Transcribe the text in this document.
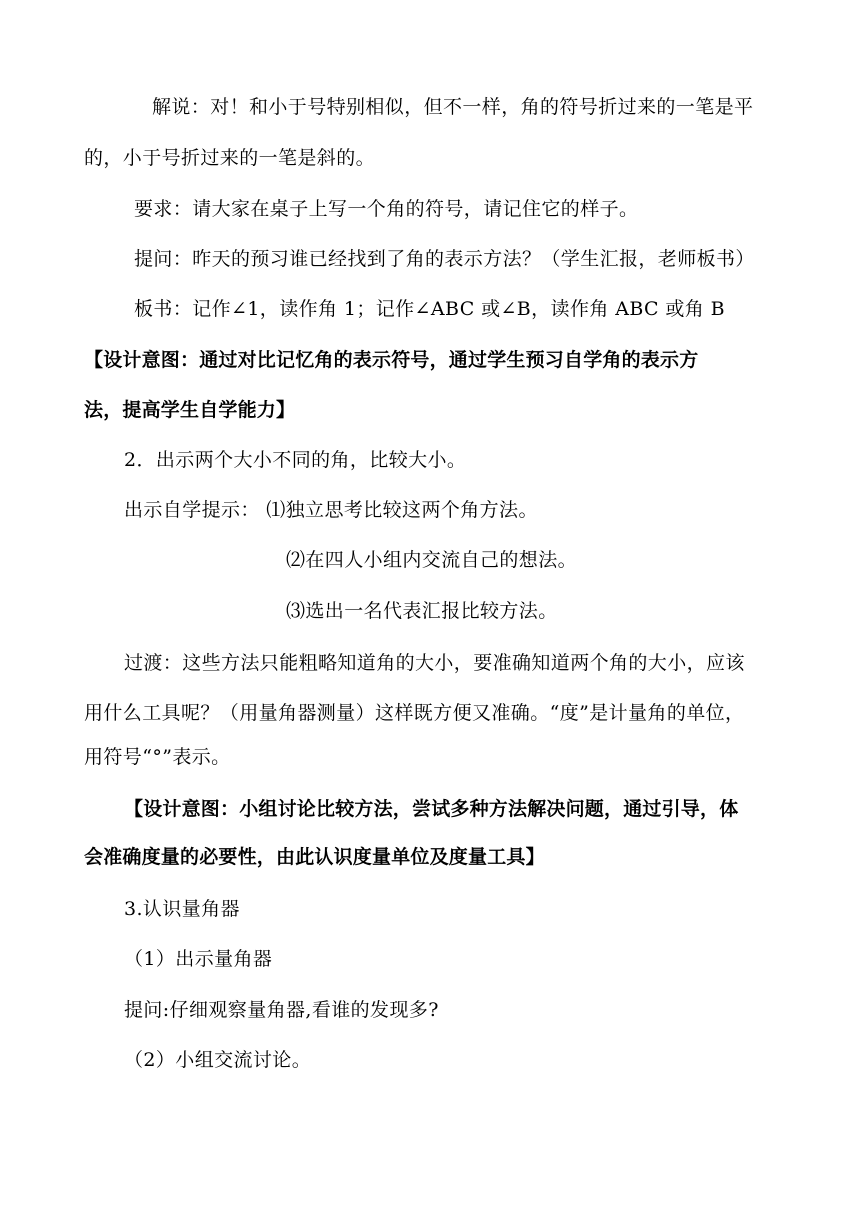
解说：对！和小于号特别相似，但不一样，角的符号折过来的一笔是平
的，小于号折过来的一笔是斜的。
要求：请大家在桌子上写一个角的符号，请记住它的样子。
提问：昨天的预习谁已经找到了角的表示方法？（学生汇报，老师板书）
板书：记作∠1，读作角 1；记作∠ABC 或∠B，读作角 ABC 或角 B
【设计意图：通过对比记忆角的表示符号，通过学生预习自学角的表示方
法，提高学生自学能力】
2．出示两个大小不同的角，比较大小。
出示自学提示： ⑴独立思考比较这两个角方法。
⑵在四人小组内交流自己的想法。
⑶选出一名代表汇报比较方法。
过渡：这些方法只能粗略知道角的大小，要准确知道两个角的大小，应该
用什么工具呢？（用量角器测量）这样既方便又准确。“度”是计量角的单位，
用符号“°”表示。
【设计意图：小组讨论比较方法，尝试多种方法解决问题，通过引导，体
会准确度量的必要性，由此认识度量单位及度量工具】
3.认识量角器
（1）出示量角器
提问:仔细观察量角器,看谁的发现多?
（2）小组交流讨论。
